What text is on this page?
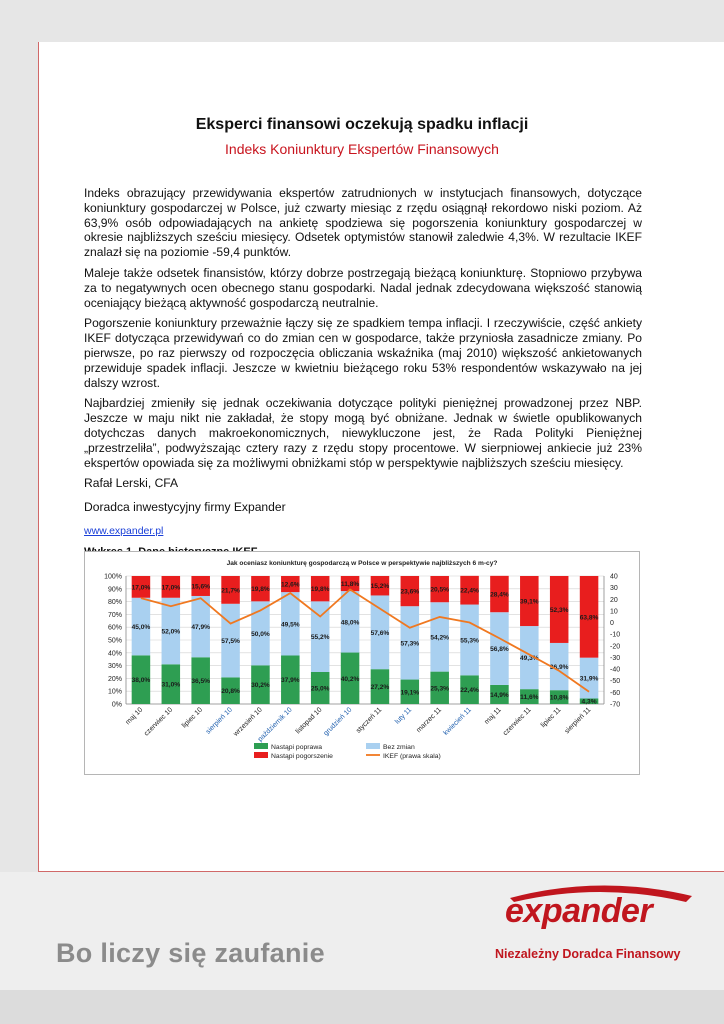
Eksperci finansowi oczekują spadku inflacji
Indeks Koniunktury Ekspertów Finansowych

Indeks obrazujący przewidywania ekspertów zatrudnionych w instytucjach finansowych, dotyczące koniunktury gospodarczej w Polsce, już czwarty miesiąc z rzędu osiągnął rekordowo niski poziom. Aż 63,9% osób odpowiadających na ankietę spodziewa się pogorszenia koniunktury gospodarczej w okresie najbliższych sześciu miesięcy. Odsetek optymistów stanowił zaledwie 4,3%. W rezultacie IKEF znalazł się na poziomie -59,4 punktów.

Maleje także odsetek finansistów, którzy dobrze postrzegają bieżącą koniunkturę. Stopniowo przybywa za to negatywnych ocen obecnego stanu gospodarki. Nadal jednak zdecydowana większość stanowią oceniający bieżącą aktywność gospodarczą neutralnie.

Pogorszenie koniunktury przeważnie łączy się ze spadkiem tempa inflacji. I rzeczywiście, część ankiety IKEF dotycząca przewidywań co do zmian cen w gospodarce, także przyniosła zasadnicze zmiany. Po pierwsze, po raz pierwszy od rozpoczęcia obliczania wskaźnika (maj 2010) większość ankietowanych przewiduje spadek inflacji. Jeszcze w kwietniu bieżącego roku 53% respondentów wskazywało na jej dalszy wzrost.

Najbardziej zmieniły się jednak oczekiwania dotyczące polityki pieniężnej prowadzonej przez NBP. Jeszcze w maju nikt nie zakładał, że stopy mogą być obniżane. Jednak w świetle opublikowanych dotychczas danych makroekonomicznych, niewykluczone jest, że Rada Polityki Pieniężnej „przestrzeliła”, podwyższając cztery razy z rzędu stopy procentowe. W sierpniowej ankiecie już 23% ekspertów opowiada się za możliwymi obniżkami stóp w perspektywie najbliższych sześciu miesięcy.

Rafał Lerski, CFA

Doradca inwestycyjny firmy Expander

www.expander.pl

Jak oceniasz koniunkturę gospodarczą w Polsce w perspektywie najbliższych 6 m-cy?
0%
10%
20%
30%
40%
50%
60%
70%
80%
90%
100%
-70
-60
-50
-40
-30
-20
-10
0
10
20
30
40
38,0%
45,0%
17,0%
maj 10
31,0%
52,0%
17,0%
czerwiec 10
36,5%
47,9%
15,6%
lipiec 10
20,8%
57,5%
21,7%
sierpień 10
30,2%
50,0%
19,8%
wrzesień 10
37,9%
49,5%
12,6%
październik 10
25,0%
55,2%
19,8%
listopad 10
40,2%
48,0%
11,8%
grudzień 10
27,2%
57,6%
15,2%
styczeń 11
19,1%
57,3%
23,6%
luty 11
25,3%
54,2%
20,5%
marzec 11
22,4%
55,3%
22,4%
kwiecień 11
14,9%
56,8%
28,4%
maj 11
11,6%
49,3%
39,1%
czerwiec 11
10,8%
36,9%
52,3%
lipiec 11
4,3%
31,9%
63,8%
sierpień 11
Nastąpi poprawa	Bez zmian
Nastąpi pogorszenie	IKEF (prawa skala)
expander
Niezależny Doradca Finansowy
Bo liczy się zaufanie
